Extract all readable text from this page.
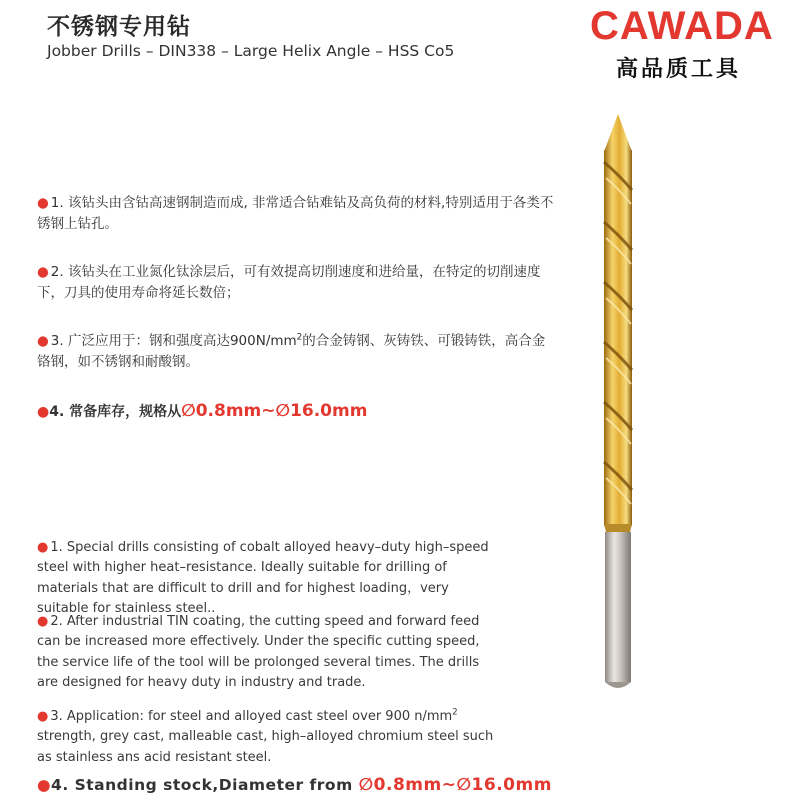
不锈钢专用钻

Jobber Drills – DIN338 – Large Helix Angle – HSS Co5

CAWADA
高品质工具

● 1. 该钻头由含钴高速钢制造而成, 非常适合钻难钻及高负荷的材料,特别适用于各类不锈钢上钻孔。

● 2. 该钻头在工业氮化钛涂层后，可有效提高切削速度和进给量，在特定的切削速度下，刀具的使用寿命将延长数倍；

● 3. 广泛应用于：钢和强度高达$900N/mm^2$的合金铸钢、灰铸铁、可锻铸铁，高合金铬钢，如不锈钢和耐酸钢。

●4. 常备库存，规格从∅0.8mm~∅16.0mm

● 1. Special drills consisting of cobalt alloyed heavy–duty high–speed steel with higher heat–resistance. Ideally suitable for drilling of materials that are difficult to drill and for highest loading，very suitable for stainless steel..

● 2. After industrial TIN coating, the cutting speed and forward feed can be increased more effectively. Under the specific cutting speed, the service life of the tool will be prolonged several times. The drills are designed for heavy duty in industry and trade.

● 3. Application: for steel and alloyed cast steel over 900 $n/mm^2$ strength, grey cast, malleable cast, high–alloyed chromium steel such as stainless ans acid resistant steel.

●4. Standing stock,Diameter from ∅0.8mm~∅16.0mm
